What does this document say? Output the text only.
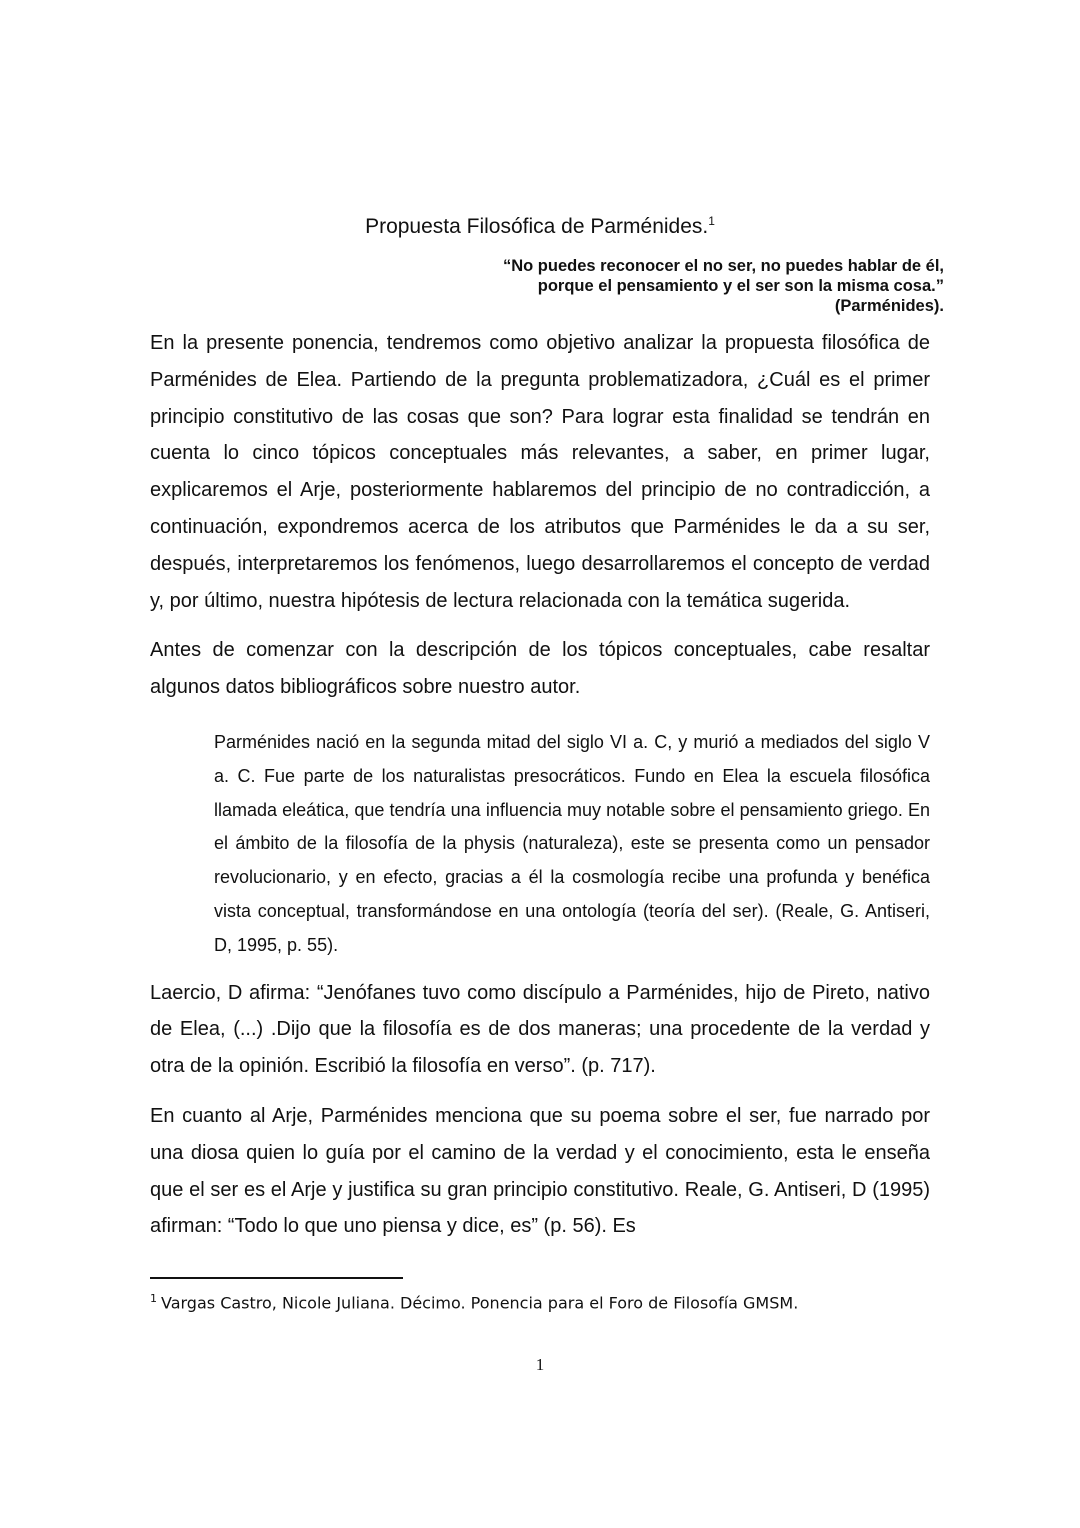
Propuesta Filosófica de Parménides.$^1$
“No puedes reconocer el no ser, no puedes hablar de él,
porque el pensamiento y el ser son la misma cosa.”
(Parménides).

En la presente ponencia, tendremos como objetivo analizar la propuesta filosófica de Parménides de Elea. Partiendo de la pregunta problematizadora, ¿Cuál es el primer principio constitutivo de las cosas que son? Para lograr esta finalidad se tendrán en cuenta lo cinco tópicos conceptuales más relevantes, a saber, en primer lugar, explicaremos el Arje, posteriormente hablaremos del principio de no contradicción, a continuación, expondremos acerca de los atributos que Parménides le da a su ser, después, interpretaremos los fenómenos, luego desarrollaremos el concepto de verdad y, por último, nuestra hipótesis de lectura relacionada con la temática sugerida.

Antes de comenzar con la descripción de los tópicos conceptuales, cabe resaltar algunos datos bibliográficos sobre nuestro autor.

Parménides nació en la segunda mitad del siglo VI a. C, y murió a mediados del siglo V a. C. Fue parte de los naturalistas presocráticos. Fundo en Elea la escuela filosófica llamada eleática, que tendría una influencia muy notable sobre el pensamiento griego. En el ámbito de la filosofía de la physis (naturaleza), este se presenta como un pensador revolucionario, y en efecto, gracias a él la cosmología recibe una profunda y benéfica vista conceptual, transformándose en una ontología (teoría del ser). (Reale, G. Antiseri, D, 1995, p. 55).

Laercio, D afirma: “Jenófanes tuvo como discípulo a Parménides, hijo de Pireto, nativo de Elea, (...) .Dijo que la filosofía es de dos maneras; una procedente de la verdad y otra de la opinión. Escribió la filosofía en verso”. (p. 717).

En cuanto al Arje, Parménides menciona que su poema sobre el ser, fue narrado por una diosa quien lo guía por el camino de la verdad y el conocimiento, esta le enseña que el ser es el Arje y justifica su gran principio constitutivo. Reale, G. Antiseri, D (1995) afirman: “Todo lo que uno piensa y dice, es” (p. 56). Es

$^1$ Vargas Castro, Nicole Juliana. Décimo. Ponencia para el Foro de Filosofía GMSM.
1
